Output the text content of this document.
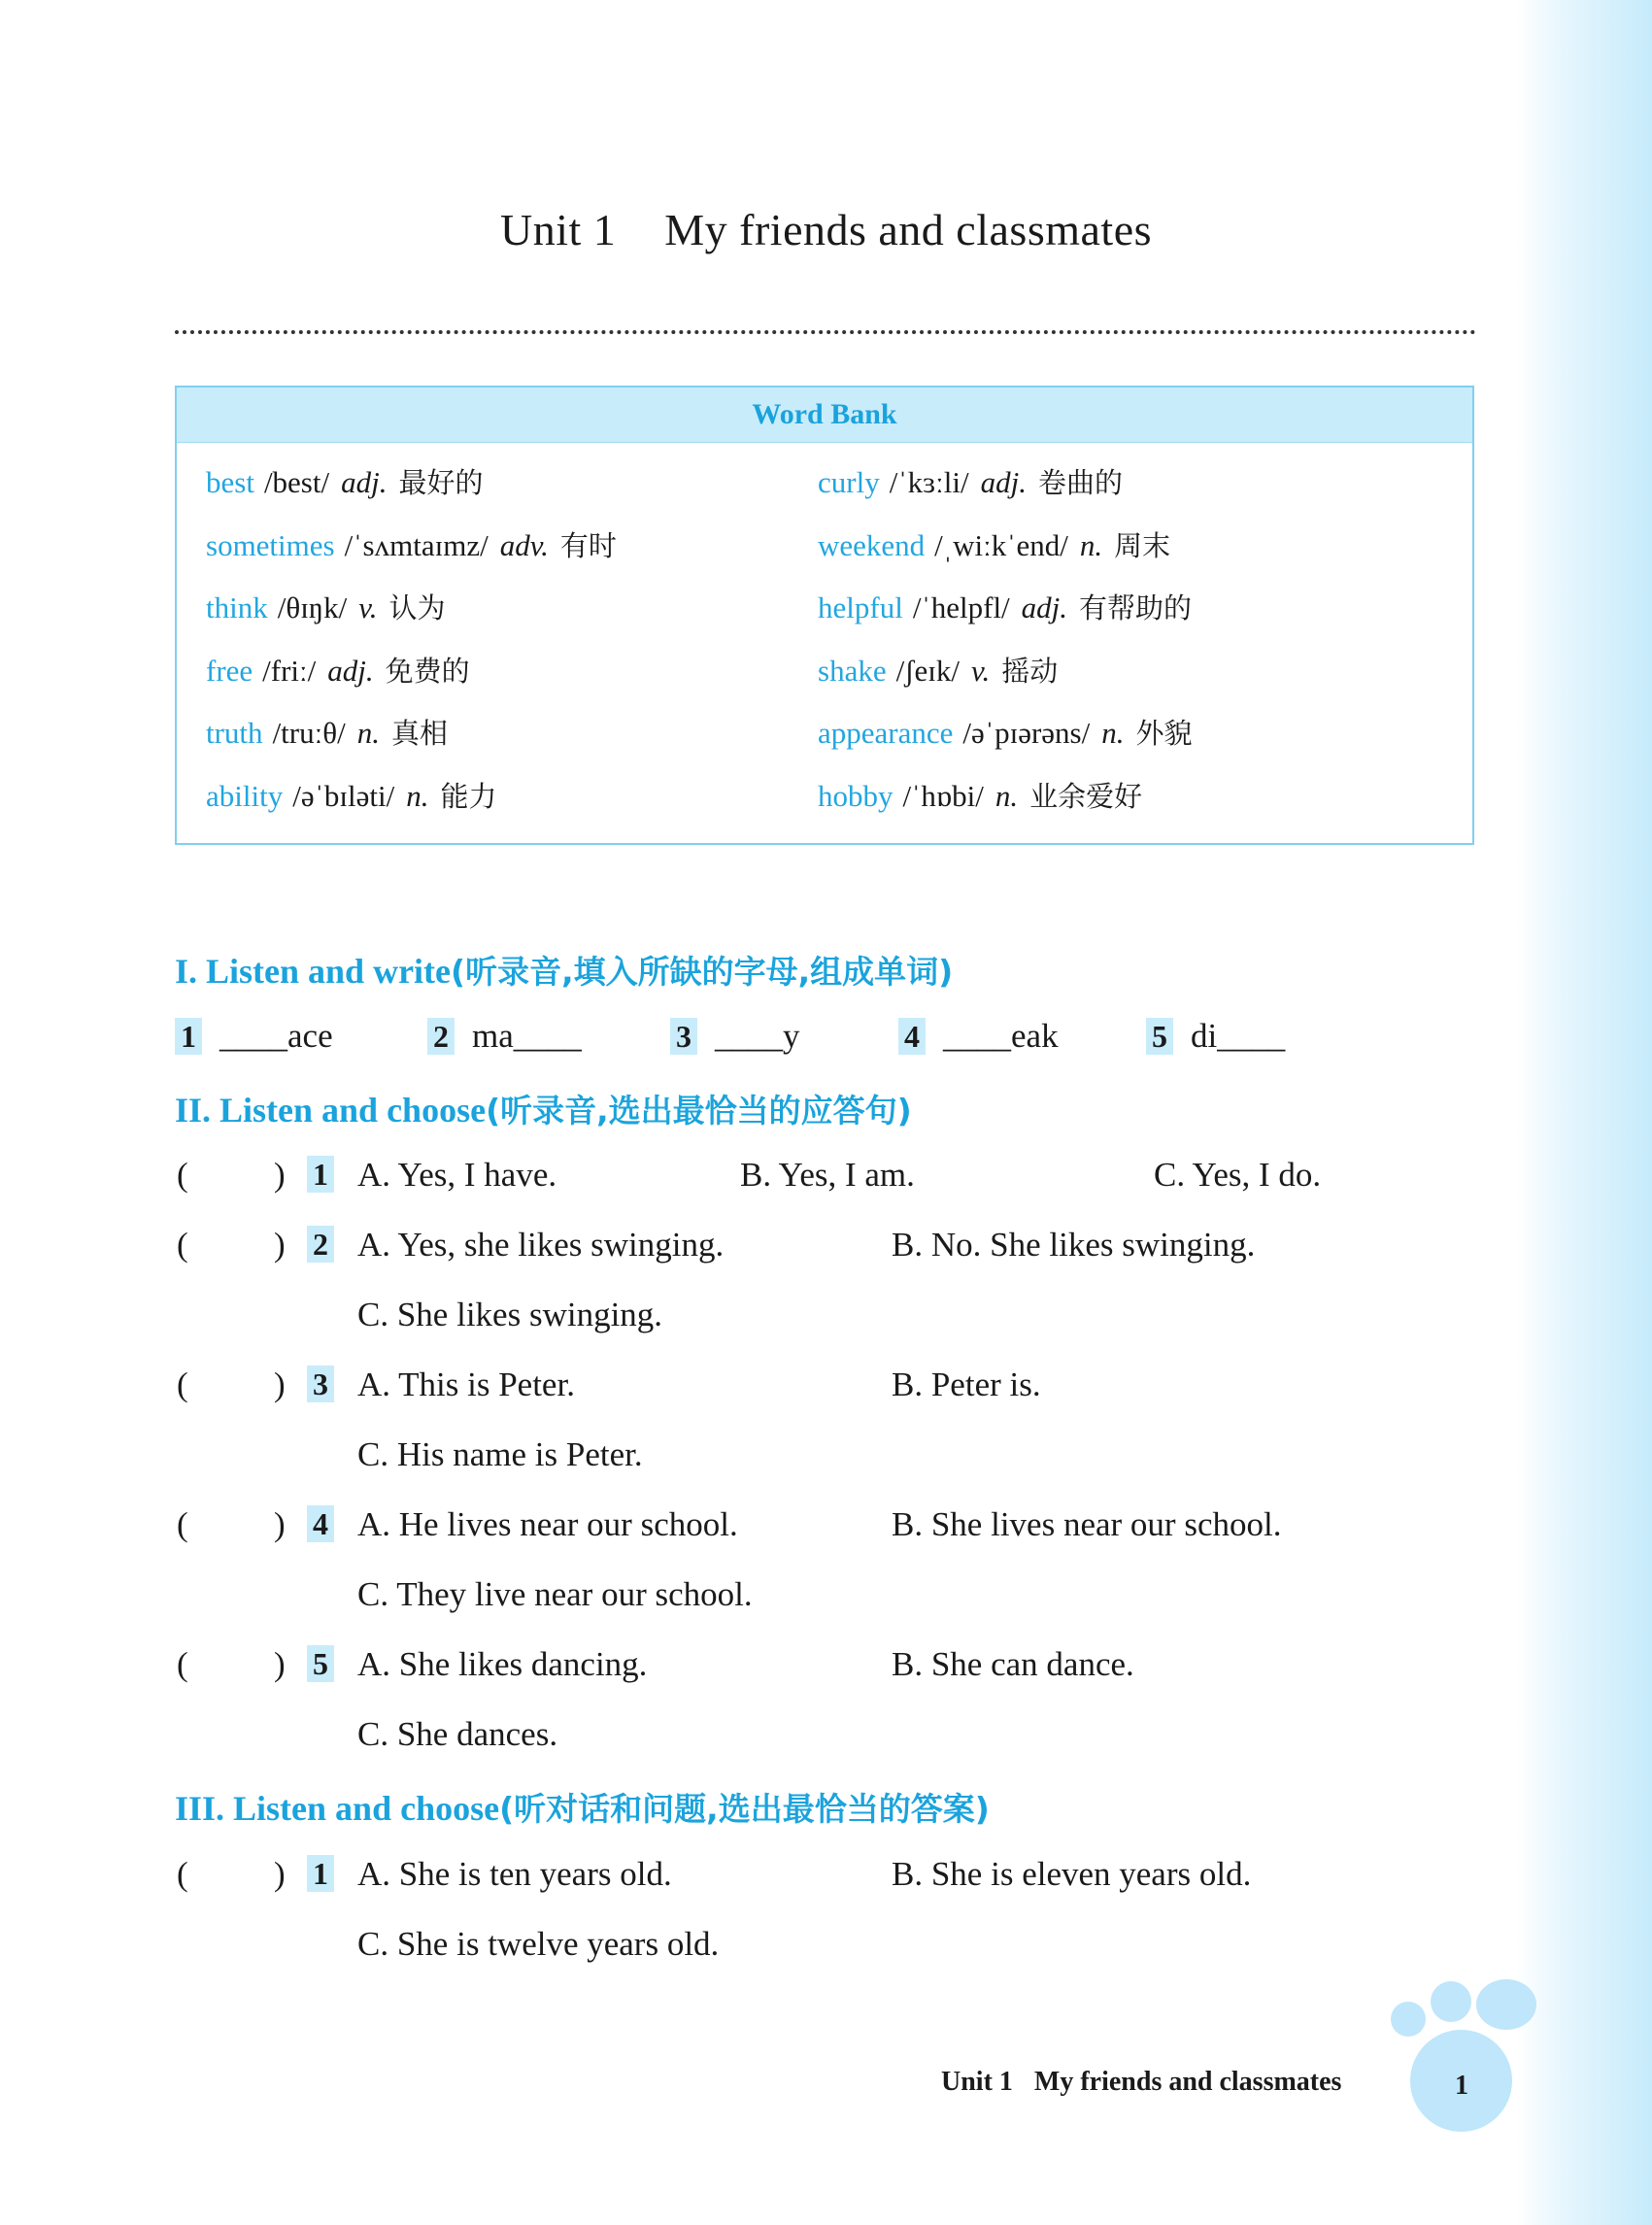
Unit 1 My friends and classmates
Word Bank
best /best/ adj. 最好的	curly /ˈkɜːli/ adj. 卷曲的
sometimes /ˈsʌmtaɪmz/ adv. 有时	weekend /ˌwiːkˈend/ n. 周末
think /θɪŋk/ v. 认为	helpful /ˈhelpfl/ adj. 有帮助的
free /friː/ adj. 免费的	shake /ʃeɪk/ v. 摇动
truth /truːθ/ n. 真相	appearance /əˈpɪərəns/ n. 外貌
ability /əˈbɪləti/ n. 能力	hobby /ˈhɒbi/ n. 业余爱好
I. Listen and write(听录音,填入所缺的字母,组成单词)
1 ____ace	2 ma____	3 ____y	4 ____eak	5 di____
II. Listen and choose(听录音,选出最恰当的应答句)
(	) 1 A. Yes, I have.	B. Yes, I am.	C. Yes, I do.
(	) 2 A. Yes, she likes swinging.	B. No. She likes swinging.
C. She likes swinging.
(	) 3 A. This is Peter.	B. Peter is.
C. His name is Peter.
(	) 4 A. He lives near our school.	B. She lives near our school.
C. They live near our school.
(	) 5 A. She likes dancing.	B. She can dance.
C. She dances.
III. Listen and choose(听对话和问题,选出最恰当的答案)
(	) 1 A. She is ten years old.	B. She is eleven years old.
C. She is twelve years old.
Unit 1 My friends and classmates	1
